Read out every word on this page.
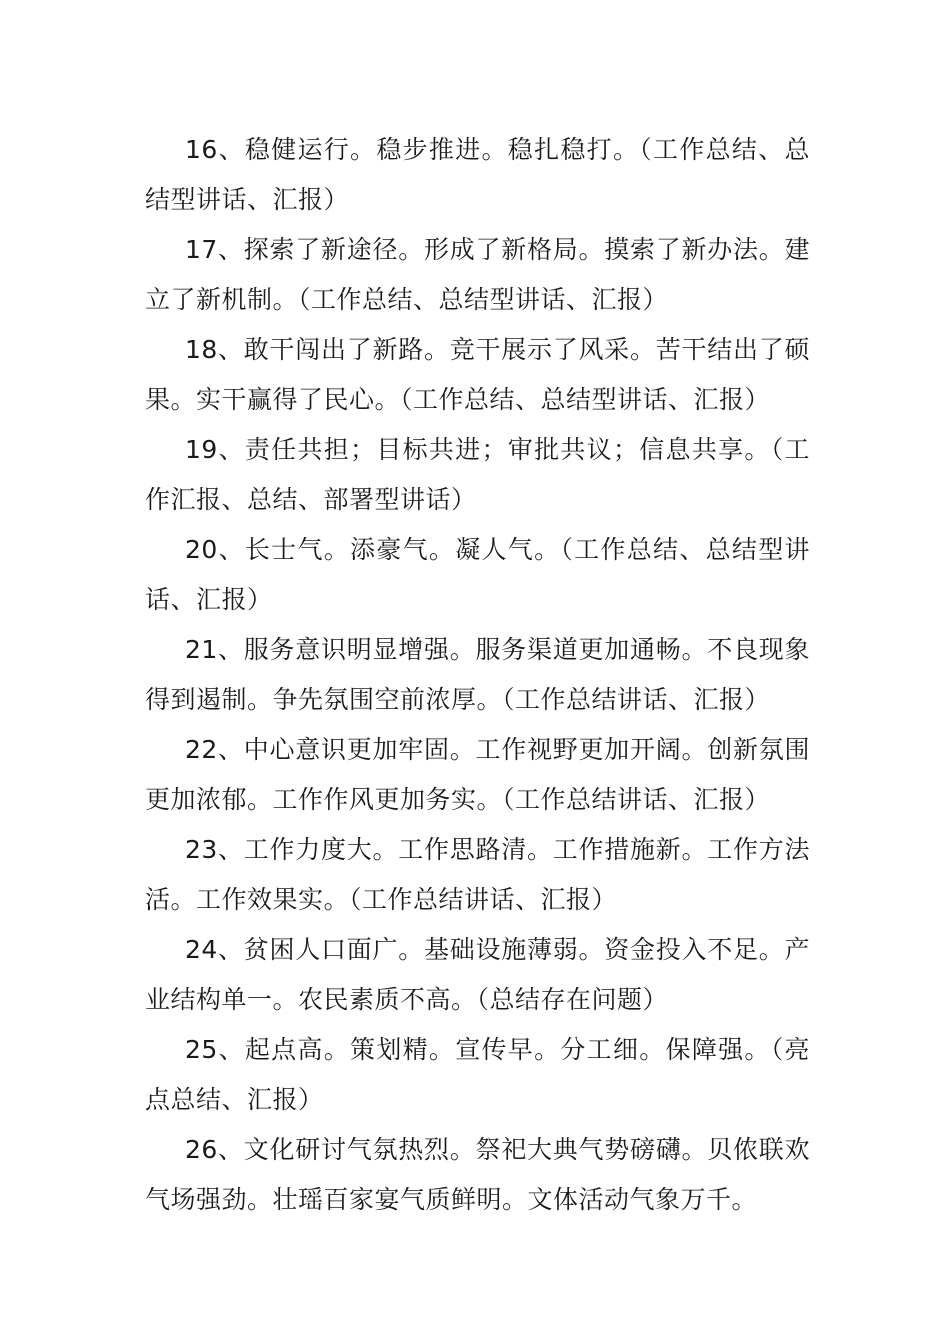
16、稳健运行。稳步推进。稳扎稳打。（工作总结、总结型讲话、汇报）

17、探索了新途径。形成了新格局。摸索了新办法。建立了新机制。（工作总结、总结型讲话、汇报）

18、敢干闯出了新路。竞干展示了风采。苦干结出了硕果。实干赢得了民心。（工作总结、总结型讲话、汇报）

19、责任共担；目标共进；审批共议；信息共享。（工作汇报、总结、部署型讲话）

20、长士气。添豪气。凝人气。（工作总结、总结型讲话、汇报）

21、服务意识明显增强。服务渠道更加通畅。不良现象得到遏制。争先氛围空前浓厚。（工作总结讲话、汇报）

22、中心意识更加牢固。工作视野更加开阔。创新氛围更加浓郁。工作作风更加务实。（工作总结讲话、汇报）

23、工作力度大。工作思路清。工作措施新。工作方法活。工作效果实。（工作总结讲话、汇报）

24、贫困人口面广。基础设施薄弱。资金投入不足。产业结构单一。农民素质不高。（总结存在问题）

25、起点高。策划精。宣传早。分工细。保障强。（亮点总结、汇报）

26、文化研讨气氛热烈。祭祀大典气势磅礴。贝侬联欢气场强劲。壮瑶百家宴气质鲜明。文体活动气象万千。
